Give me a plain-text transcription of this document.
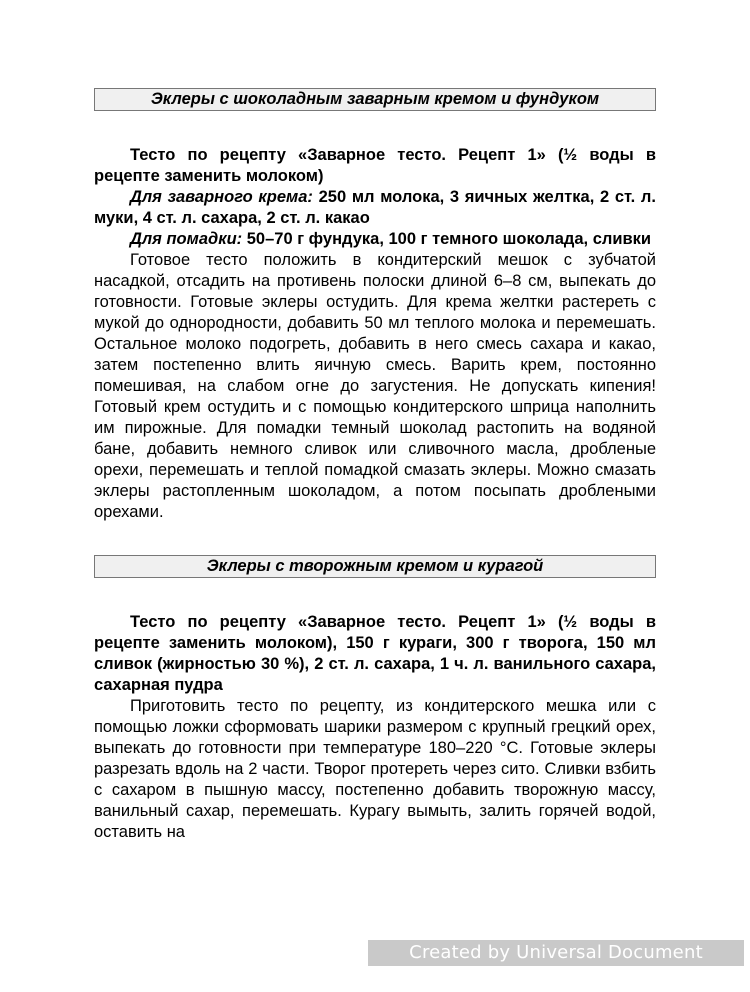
Эклеры с шоколадным заварным кремом и фундуком

Тесто по рецепту «Заварное тесто. Рецепт 1» (½ воды в рецепте заменить молоком)

Для заварного крема: 250 мл молока, 3 яичных желтка, 2 ст. л. муки, 4 ст. л. сахара, 2 ст. л. какао

Для помадки: 50–70 г фундука, 100 г темного шоколада, сливки

Готовое тесто положить в кондитерский мешок с зубчатой насадкой, отсадить на противень полоски длиной 6–8 см, выпекать до готовности. Готовые эклеры остудить. Для крема желтки растереть с мукой до однородности, добавить 50 мл теплого молока и перемешать. Остальное молоко подогреть, добавить в него смесь сахара и какао, затем постепенно влить яичную смесь. Варить крем, постоянно помешивая, на слабом огне до загустения. Не допускать кипения! Готовый крем остудить и с помощью кондитерского шприца наполнить им пирожные. Для помадки темный шоколад растопить на водяной бане, добавить немного сливок или сливочного масла, дробленые орехи, перемешать и теплой помадкой смазать эклеры. Можно смазать эклеры растопленным шоколадом, а потом посыпать дроблеными орехами.

Эклеры с творожным кремом и курагой

Тесто по рецепту «Заварное тесто. Рецепт 1» (½ воды в рецепте заменить молоком), 150 г кураги, 300 г творога, 150 мл сливок (жирностью 30 %), 2 ст. л. сахара, 1 ч. л. ванильного сахара, сахарная пудра

Приготовить тесто по рецепту, из кондитерского мешка или с помощью ложки сформовать шарики размером с крупный грецкий орех, выпекать до готовности при температуре 180–220 °С. Готовые эклеры разрезать вдоль на 2 части. Творог протереть через сито. Сливки взбить с сахаром в пышную массу, постепенно добавить творожную массу, ванильный сахар, перемешать. Курагу вымыть, залить горячей водой, оставить на

Created by Universal Document Converter
